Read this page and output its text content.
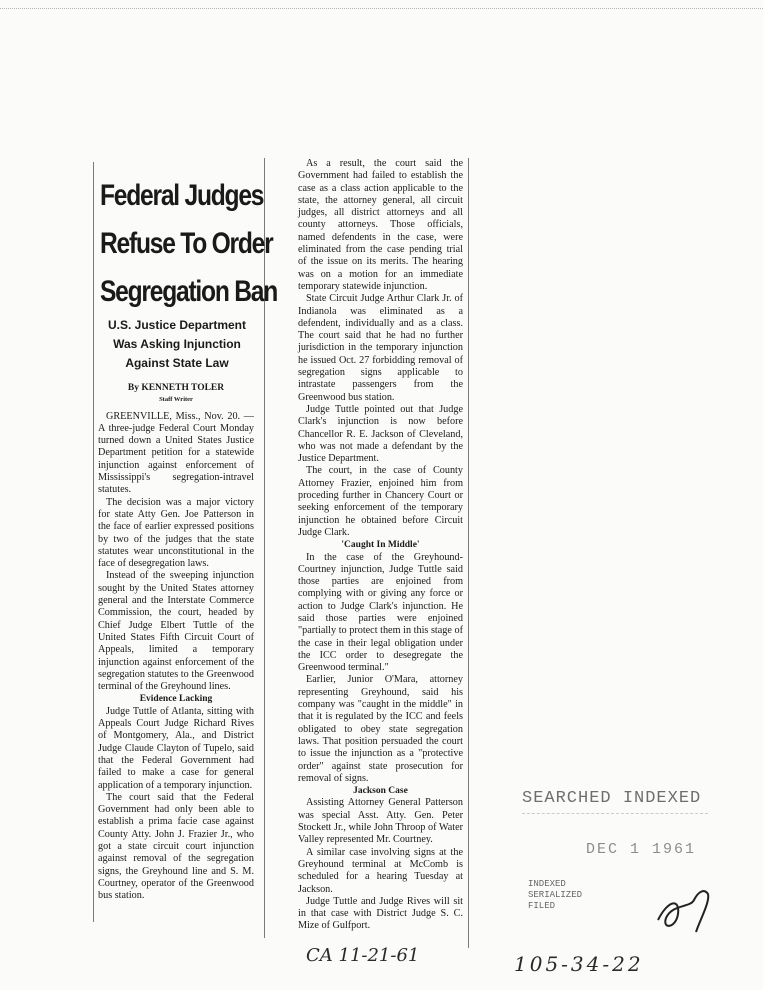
Federal Judges
Refuse To Order
Segregation Ban
U.S. Justice Department
Was Asking Injunction
Against State Law
By KENNETH TOLER
Staff Writer

GREENVILLE, Miss., Nov. 20. — A three-judge Federal Court Monday turned down a United States Justice Department petition for a statewide injunction against enforcement of Mississippi's segregation-intravel statutes.

The decision was a major victory for state Atty Gen. Joe Patterson in the face of earlier expressed positions by two of the judges that the state statutes wear unconstitutional in the face of desegregation laws.

Instead of the sweeping injunction sought by the United States attorney general and the Interstate Commerce Commission, the court, headed by Chief Judge Elbert Tuttle of the United States Fifth Circuit Court of Appeals, limited a temporary injunction against enforcement of the segregation statutes to the Greenwood terminal of the Greyhound lines.

Evidence Lacking

Judge Tuttle of Atlanta, sitting with Appeals Court Judge Richard Rives of Montgomery, Ala., and District Judge Claude Clayton of Tupelo, said that the Federal Government had failed to make a case for general application of a temporary injunction.

The court said that the Federal Government had only been able to establish a prima facie case against County Atty. John J. Frazier Jr., who got a state circuit court injunction against removal of the segregation signs, the Greyhound line and S. M. Courtney, operator of the Greenwood bus station.

As a result, the court said the Government had failed to establish the case as a class action applicable to the state, the attorney general, all circuit judges, all district attorneys and all county attorneys. Those officials, named defendents in the case, were eliminated from the case pending trial of the issue on its merits. The hearing was on a motion for an immediate temporary statewide injunction.

State Circuit Judge Arthur Clark Jr. of Indianola was eliminated as a defendent, individually and as a class. The court said that he had no further jurisdiction in the temporary injunction he issued Oct. 27 forbidding removal of segregation signs applicable to intrastate passengers from the Greenwood bus station.

Judge Tuttle pointed out that Judge Clark's injunction is now before Chancellor R. E. Jackson of Cleveland, who was not made a defendant by the Justice Department.

The court, in the case of County Attorney Frazier, enjoined him from proceding further in Chancery Court or seeking enforcement of the temporary injunction he obtained before Circuit Judge Clark.

'Caught In Middle'

In the case of the Greyhound-Courtney injunction, Judge Tuttle said those parties are enjoined from complying with or giving any force or action to Judge Clark's injunction. He said those parties were enjoined "partially to protect them in this stage of the case in their legal obligation under the ICC order to desegregate the Greenwood terminal."

Earlier, Junior O'Mara, attorney representing Greyhound, said his company was "caught in the middle" in that it is regulated by the ICC and feels obligated to obey state segregation laws. That position persuaded the court to issue the injunction as a "protective order" against state prosecution for removal of signs.

Jackson Case

Assisting Attorney General Patterson was special Asst. Atty. Gen. Peter Stockett Jr., while John Throop of Water Valley represented Mr. Courtney.

A similar case involving signs at the Greyhound terminal at McComb is scheduled for a hearing Tuesday at Jackson.

Judge Tuttle and Judge Rives will sit in that case with District Judge S. C. Mize of Gulfport.

SEARCHED INDEXED
DEC 1 1961
INDEXED
SERIALIZED
FILED
CA 11-21-61	105-34-22
